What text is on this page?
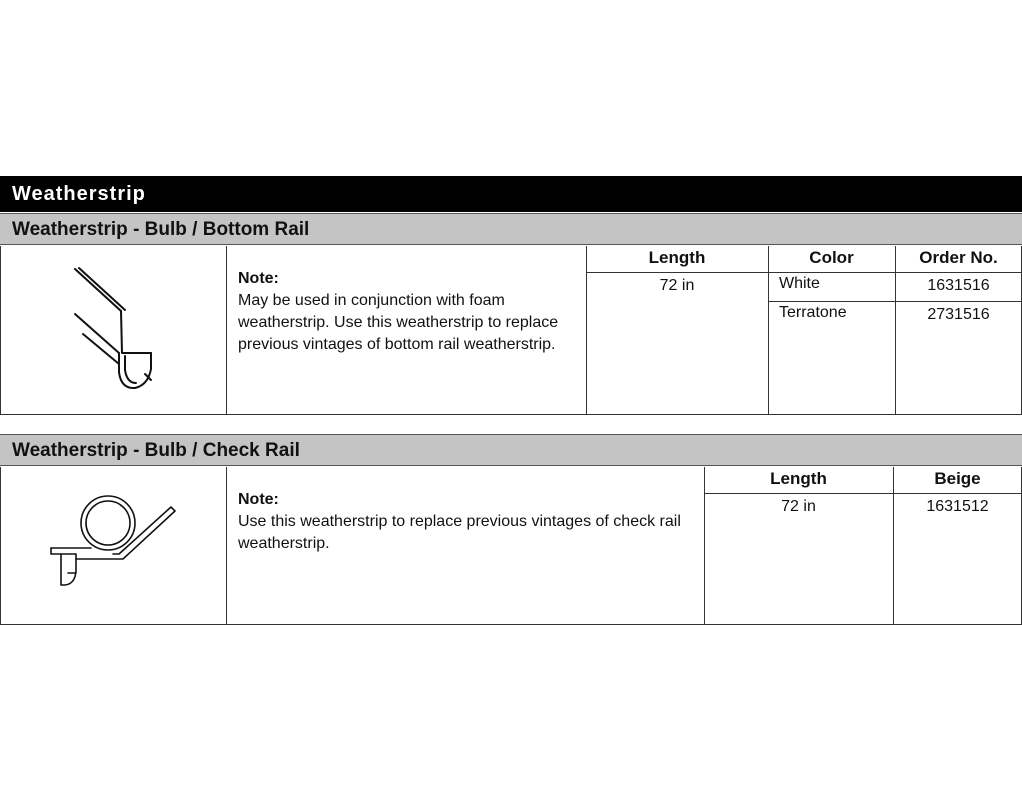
Weatherstrip
Weatherstrip - Bulb / Bottom Rail
Note:
May be used in conjunction with foam weatherstrip. Use this weatherstrip to replace previous vintages of bottom rail weatherstrip.
Length	Color	Order No.
72 in	White	1631516
Terratone	2731516
Weatherstrip - Bulb / Check Rail
Note:
Use this weatherstrip to replace previous vintages of check rail weatherstrip.
Length	Beige
72 in	1631512
